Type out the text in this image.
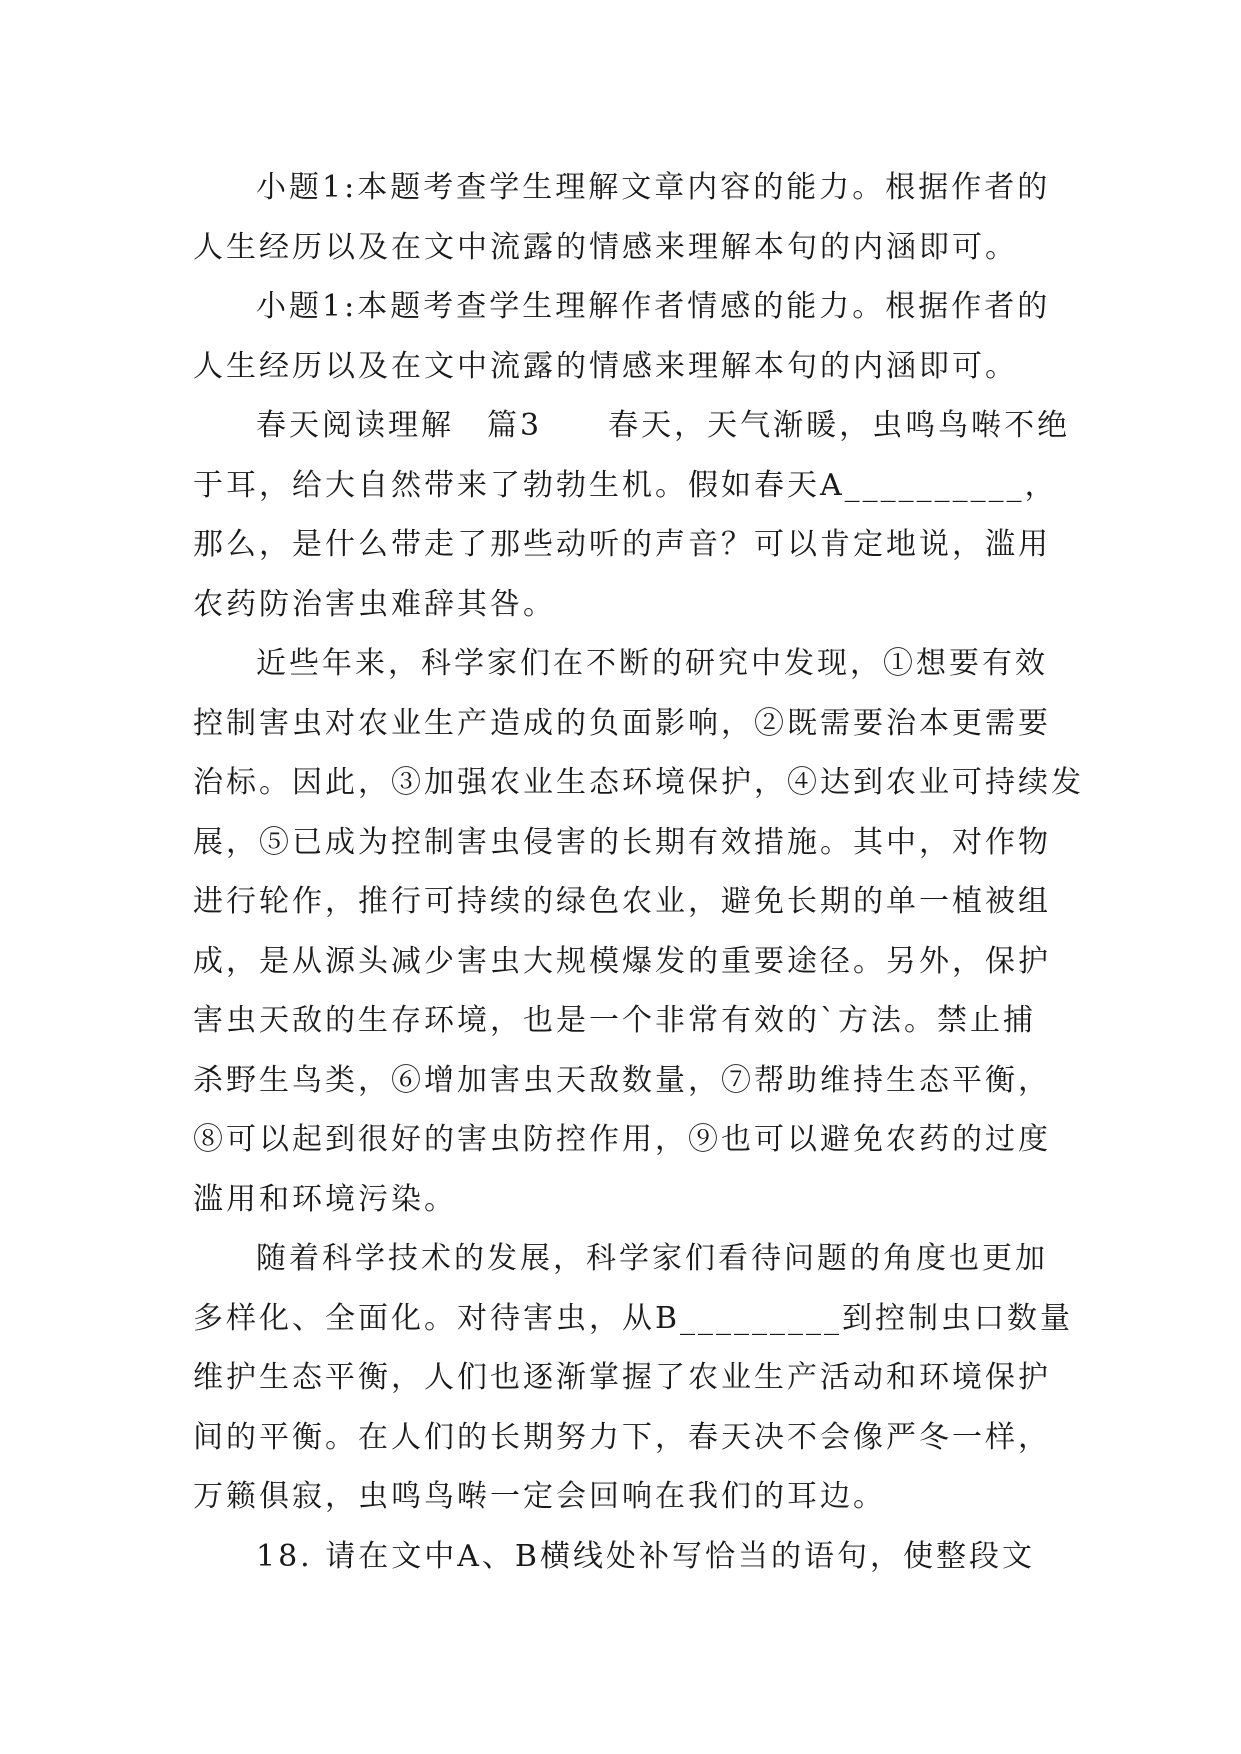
小题1:本题考查学生理解文章内容的能力。根据作者的
人生经历以及在文中流露的情感来理解本句的内涵即可。
小题1:本题考查学生理解作者情感的能力。根据作者的
人生经历以及在文中流露的情感来理解本句的内涵即可。
春天阅读理解　篇3　　春天，天气渐暖，虫鸣鸟啭不绝
于耳，给大自然带来了勃勃生机。假如春天A__________，
那么，是什么带走了那些动听的声音？可以肯定地说，滥用
农药防治害虫难辞其咎。
近些年来，科学家们在不断的研究中发现，①想要有效
控制害虫对农业生产造成的负面影响，②既需要治本更需要
治标。因此，③加强农业生态环境保护，④达到农业可持续发
展，⑤已成为控制害虫侵害的长期有效措施。其中，对作物
进行轮作，推行可持续的绿色农业，避免长期的单一植被组
成，是从源头减少害虫大规模爆发的重要途径。另外，保护
害虫天敌的生存环境，也是一个非常有效的`方法。禁止捕
杀野生鸟类，⑥增加害虫天敌数量，⑦帮助维持生态平衡，
⑧可以起到很好的害虫防控作用，⑨也可以避免农药的过度
滥用和环境污染。
随着科学技术的发展，科学家们看待问题的角度也更加
多样化、全面化。对待害虫，从B_________到控制虫口数量
维护生态平衡，人们也逐渐掌握了农业生产活动和环境保护
间的平衡。在人们的长期努力下，春天决不会像严冬一样，
万籁俱寂，虫鸣鸟啭一定会回响在我们的耳边。
18. 请在文中A、B横线处补写恰当的语句，使整段文
